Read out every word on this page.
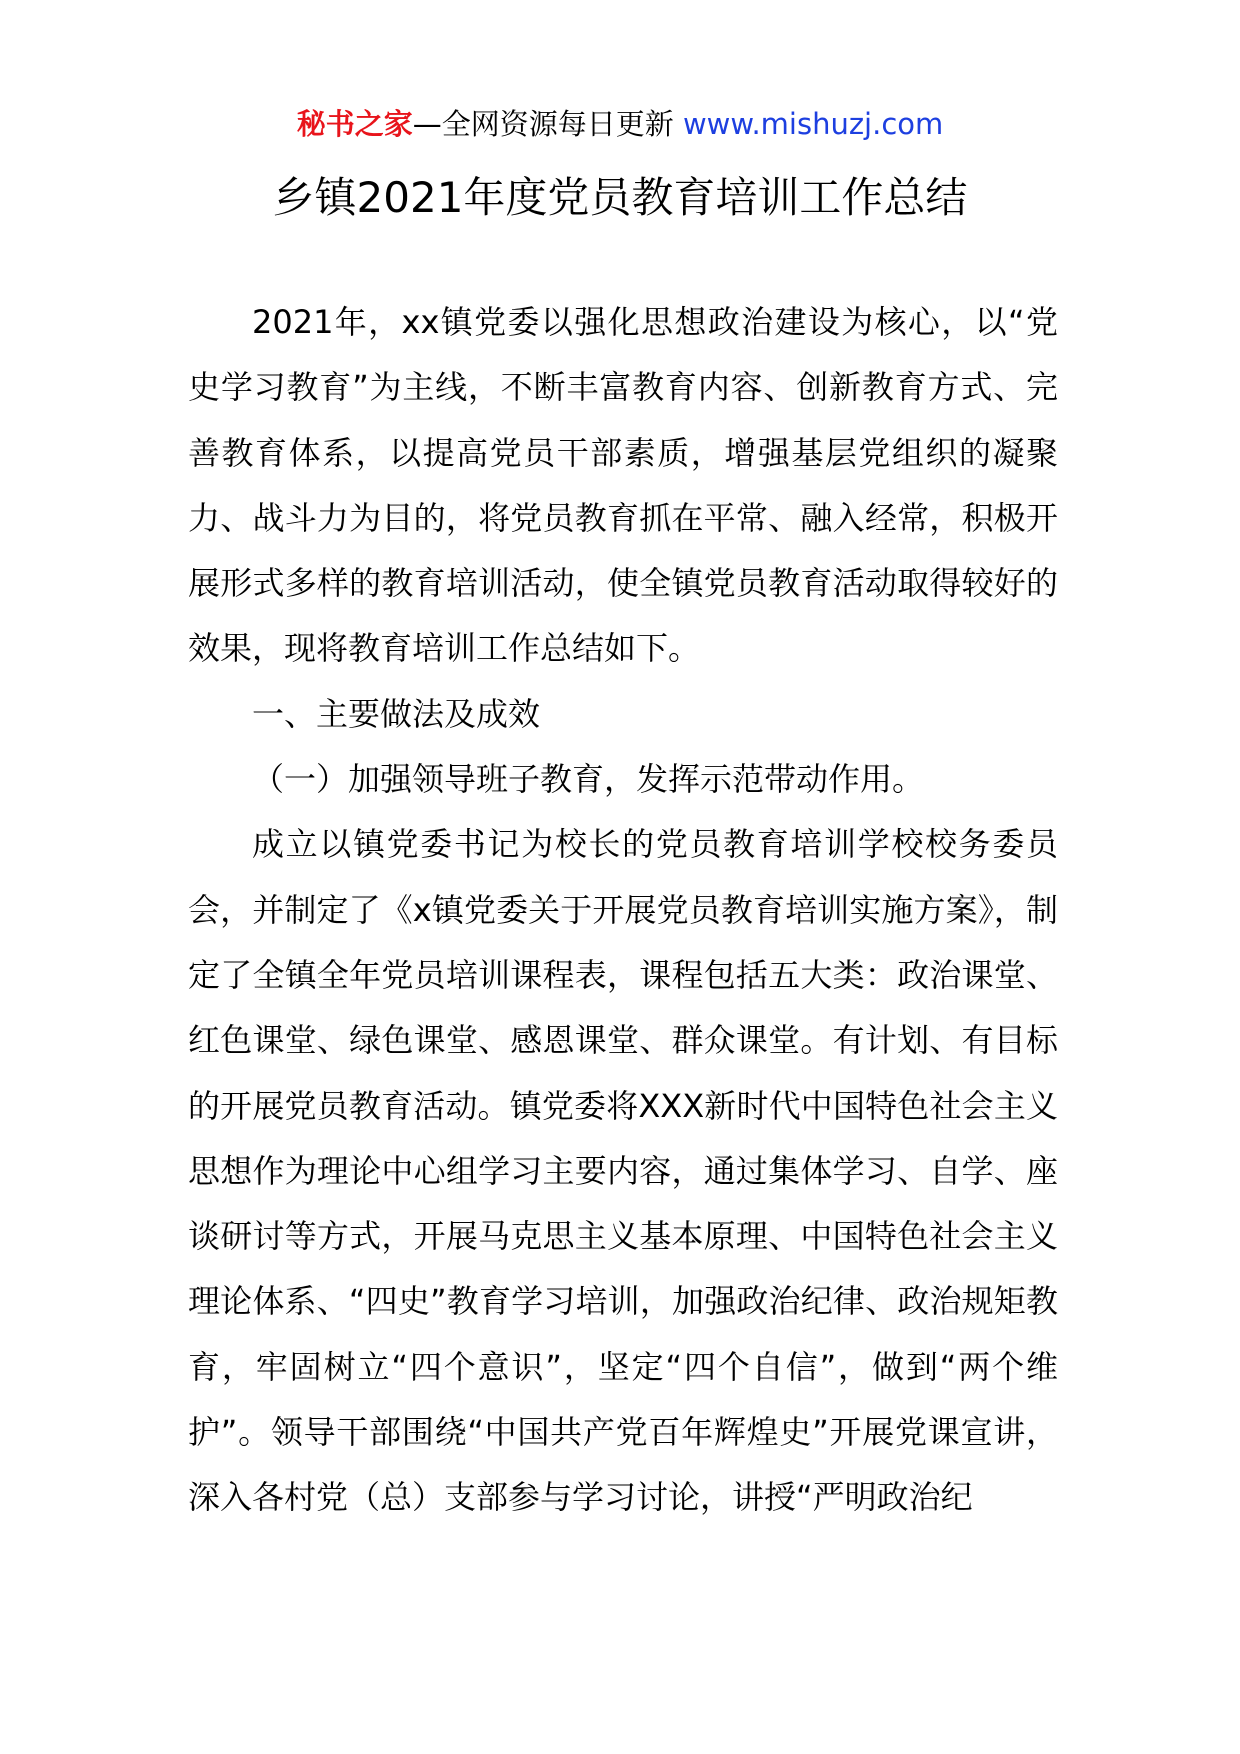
秘书之家—全网资源每日更新 www.mishuzj.com
乡镇2021年度党员教育培训工作总结

2021年，xx镇党委以强化思想政治建设为核心，以“党史学习教育”为主线，不断丰富教育内容、创新教育方式、完善教育体系，以提高党员干部素质，增强基层党组织的凝聚力、战斗力为目的，将党员教育抓在平常、融入经常，积极开展形式多样的教育培训活动，使全镇党员教育活动取得较好的效果，现将教育培训工作总结如下。

一、主要做法及成效

（一）加强领导班子教育，发挥示范带动作用。

成立以镇党委书记为校长的党员教育培训学校校务委员会，并制定了《x镇党委关于开展党员教育培训实施方案》，制定了全镇全年党员培训课程表，课程包括五大类：政治课堂、红色课堂、绿色课堂、感恩课堂、群众课堂。有计划、有目标的开展党员教育活动。镇党委将XXX新时代中国特色社会主义思想作为理论中心组学习主要内容，通过集体学习、自学、座谈研讨等方式，开展马克思主义基本原理、中国特色社会主义理论体系、“四史”教育学习培训，加强政治纪律、政治规矩教育，牢固树立“四个意识”，坚定“四个自信”，做到“两个维护”。领导干部围绕“中国共产党百年辉煌史”开展党课宣讲，深入各村党（总）支部参与学习讨论，讲授“严明政治纪
